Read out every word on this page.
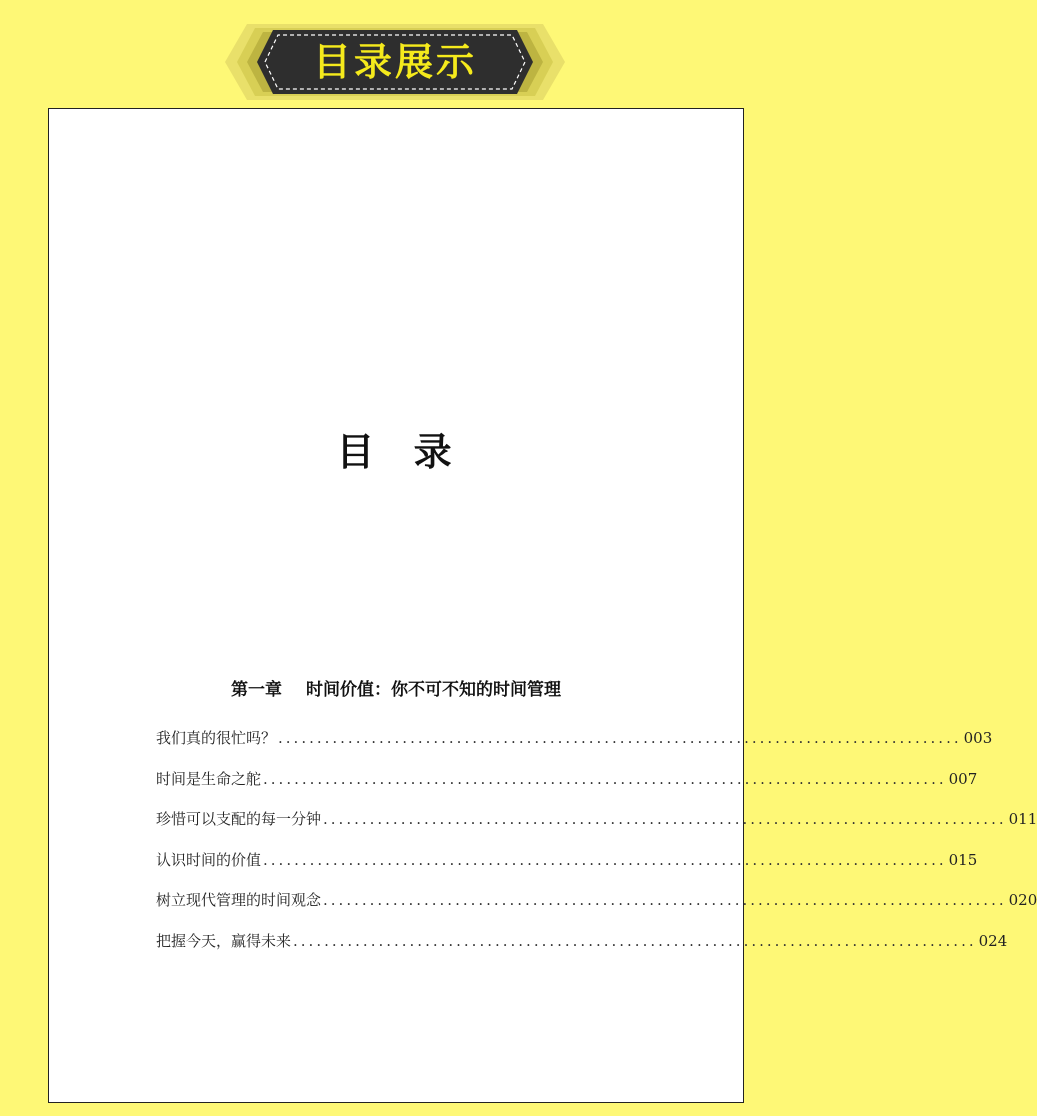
目录展示
目 录
第一章 时间价值：你不可不知的时间管理
我们真的很忙吗？ ........................................................................................ 003
时间是生命之舵 ........................................................................................ 007
珍惜可以支配的每一分钟 ........................................................................................ 011
认识时间的价值 ........................................................................................ 015
树立现代管理的时间观念 ........................................................................................ 020
把握今天，赢得未来 ........................................................................................ 024
